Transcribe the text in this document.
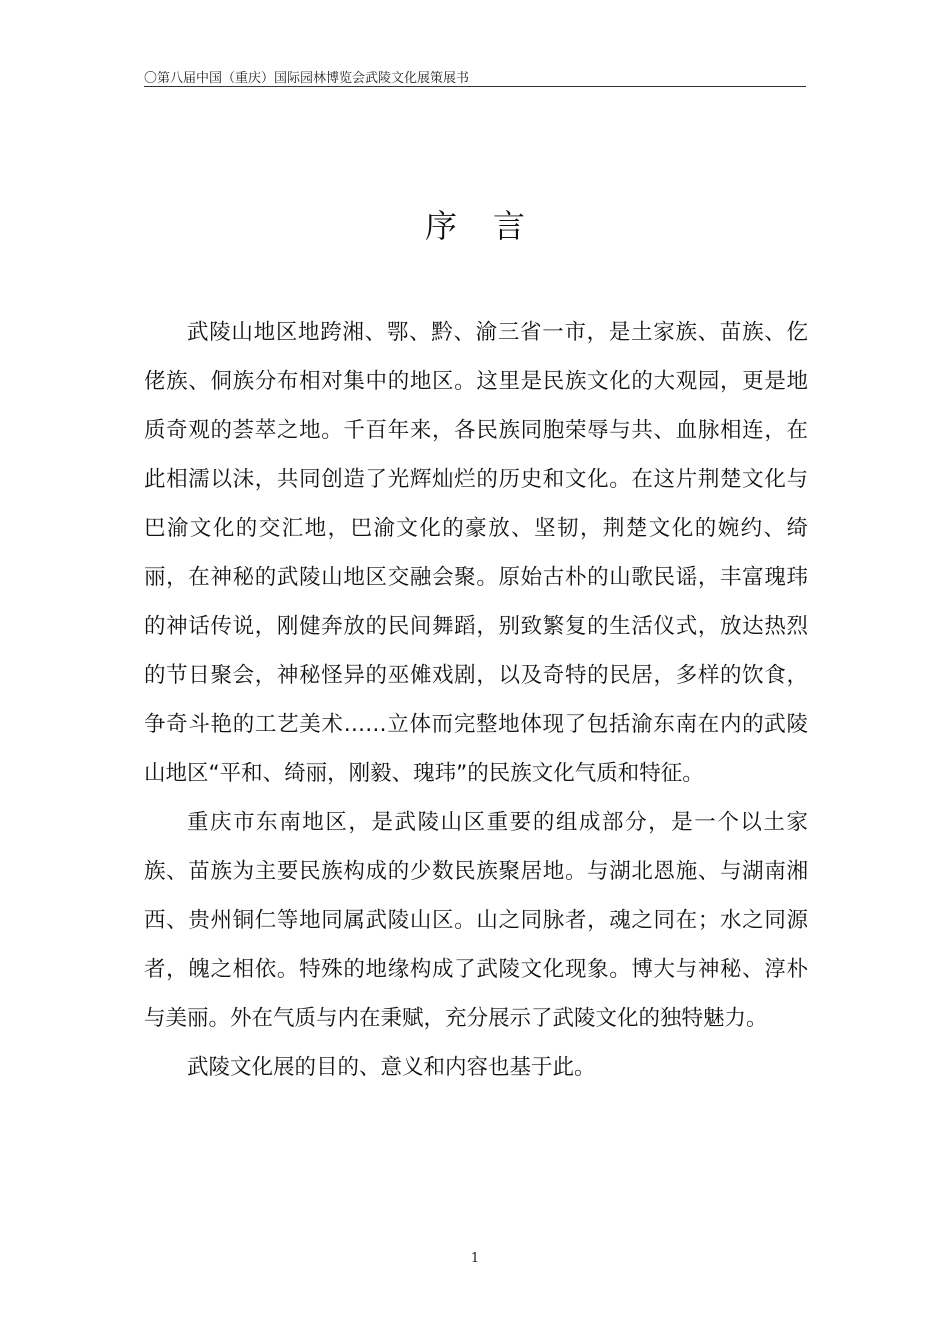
〇第八届中国（重庆）国际园林博览会武陵文化展策展书
序言

武陵山地区地跨湘、鄂、黔、渝三省一市，是土家族、苗族、仡佬族、侗族分布相对集中的地区。这里是民族文化的大观园，更是地质奇观的荟萃之地。千百年来，各民族同胞荣辱与共、血脉相连，在此相濡以沫，共同创造了光辉灿烂的历史和文化。在这片荆楚文化与巴渝文化的交汇地，巴渝文化的豪放、坚韧，荆楚文化的婉约、绮丽，在神秘的武陵山地区交融会聚。原始古朴的山歌民谣，丰富瑰玮的神话传说，刚健奔放的民间舞蹈，别致繁复的生活仪式，放达热烈的节日聚会，神秘怪异的巫傩戏剧，以及奇特的民居，多样的饮食，争奇斗艳的工艺美术……立体而完整地体现了包括渝东南在内的武陵山地区“平和、绮丽，刚毅、瑰玮”的民族文化气质和特征。

重庆市东南地区，是武陵山区重要的组成部分，是一个以土家族、苗族为主要民族构成的少数民族聚居地。与湖北恩施、与湖南湘西、贵州铜仁等地同属武陵山区。山之同脉者，魂之同在；水之同源者，魄之相依。特殊的地缘构成了武陵文化现象。博大与神秘、淳朴与美丽。外在气质与内在秉赋，充分展示了武陵文化的独特魅力。

武陵文化展的目的、意义和内容也基于此。

1
